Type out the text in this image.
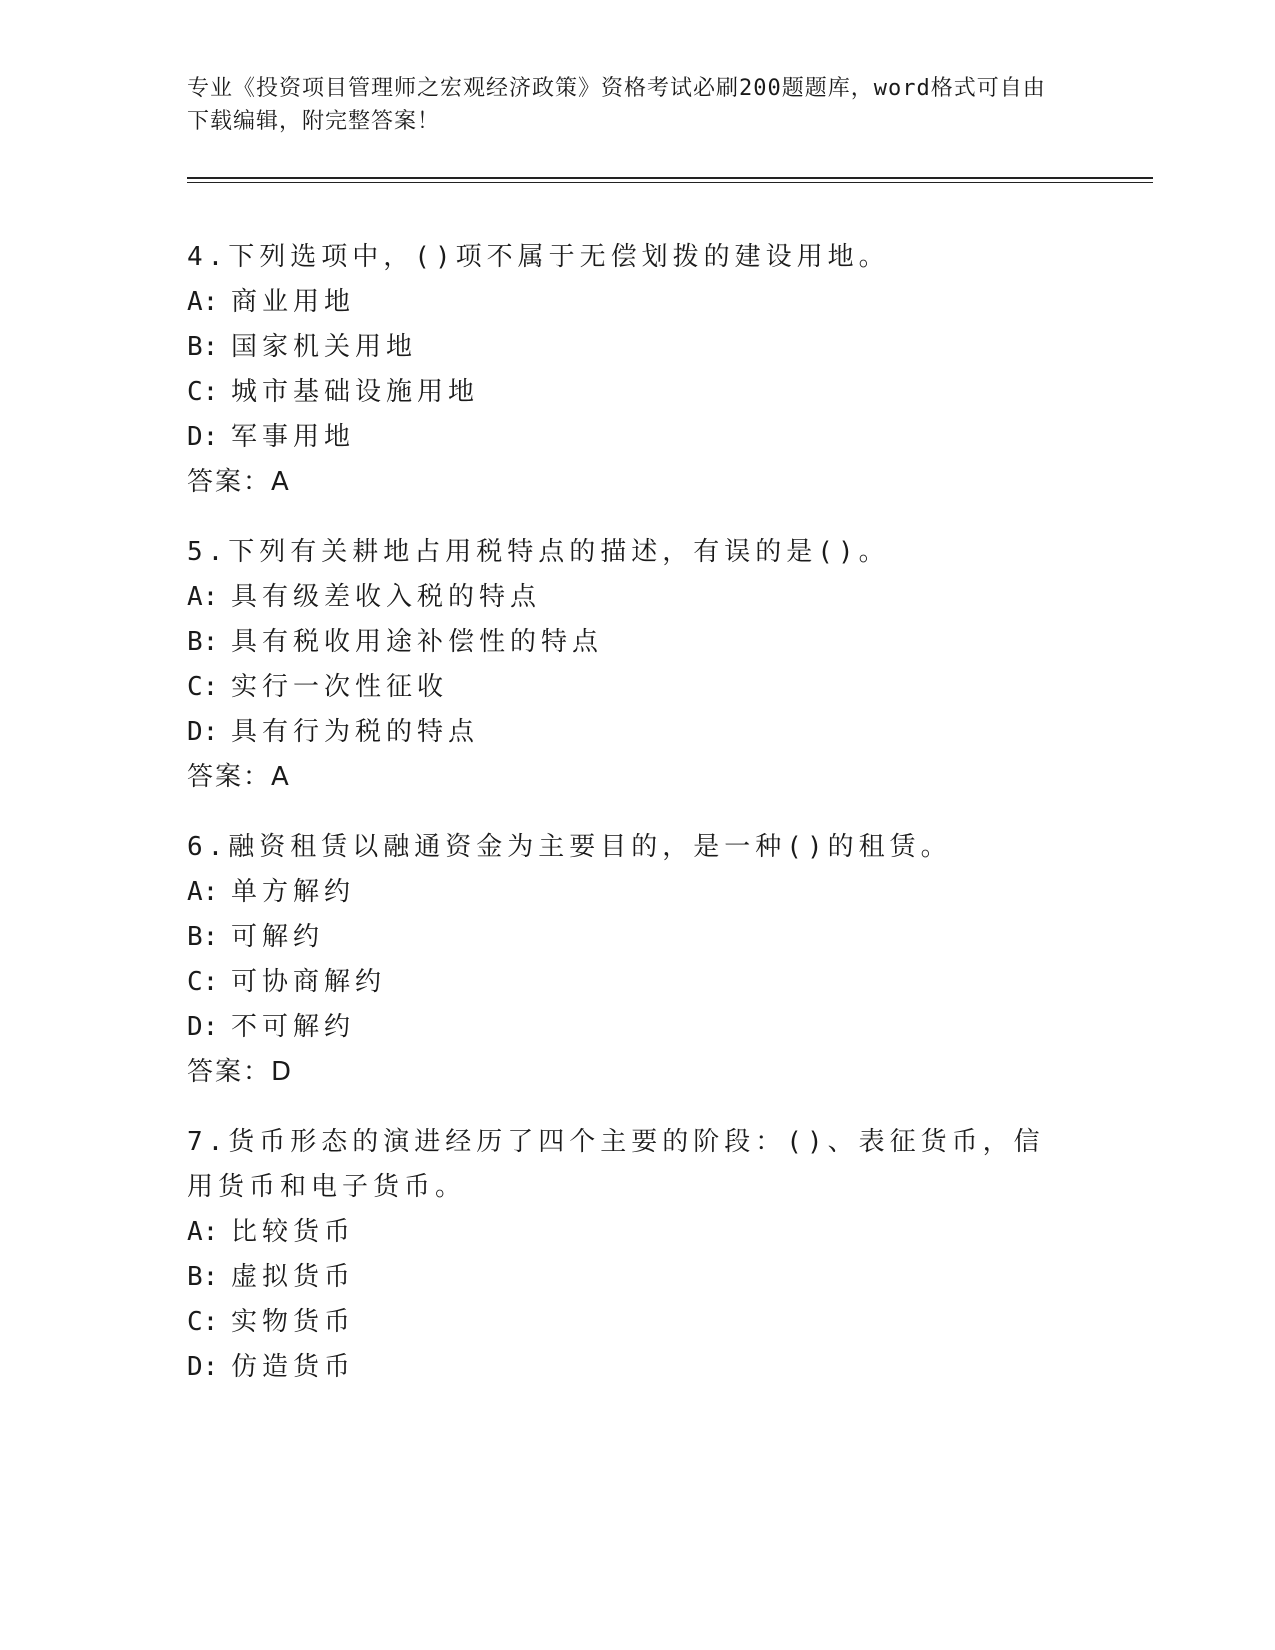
专业《投资项目管理师之宏观经济政策》资格考试必刷200题题库，word格式可自由下载编辑，附完整答案！

4.下列选项中，()项不属于无偿划拨的建设用地。

A: 商业用地

B: 国家机关用地

C: 城市基础设施用地

D: 军事用地

答案：A

5.下列有关耕地占用税特点的描述，有误的是()。

A: 具有级差收入税的特点

B: 具有税收用途补偿性的特点

C: 实行一次性征收

D: 具有行为税的特点

答案：A

6.融资租赁以融通资金为主要目的，是一种()的租赁。

A: 单方解约

B: 可解约

C: 可协商解约

D: 不可解约

答案：D

7.货币形态的演进经历了四个主要的阶段：()、表征货币，信用货币和电子货币。

A: 比较货币

B: 虚拟货币

C: 实物货币

D: 仿造货币
